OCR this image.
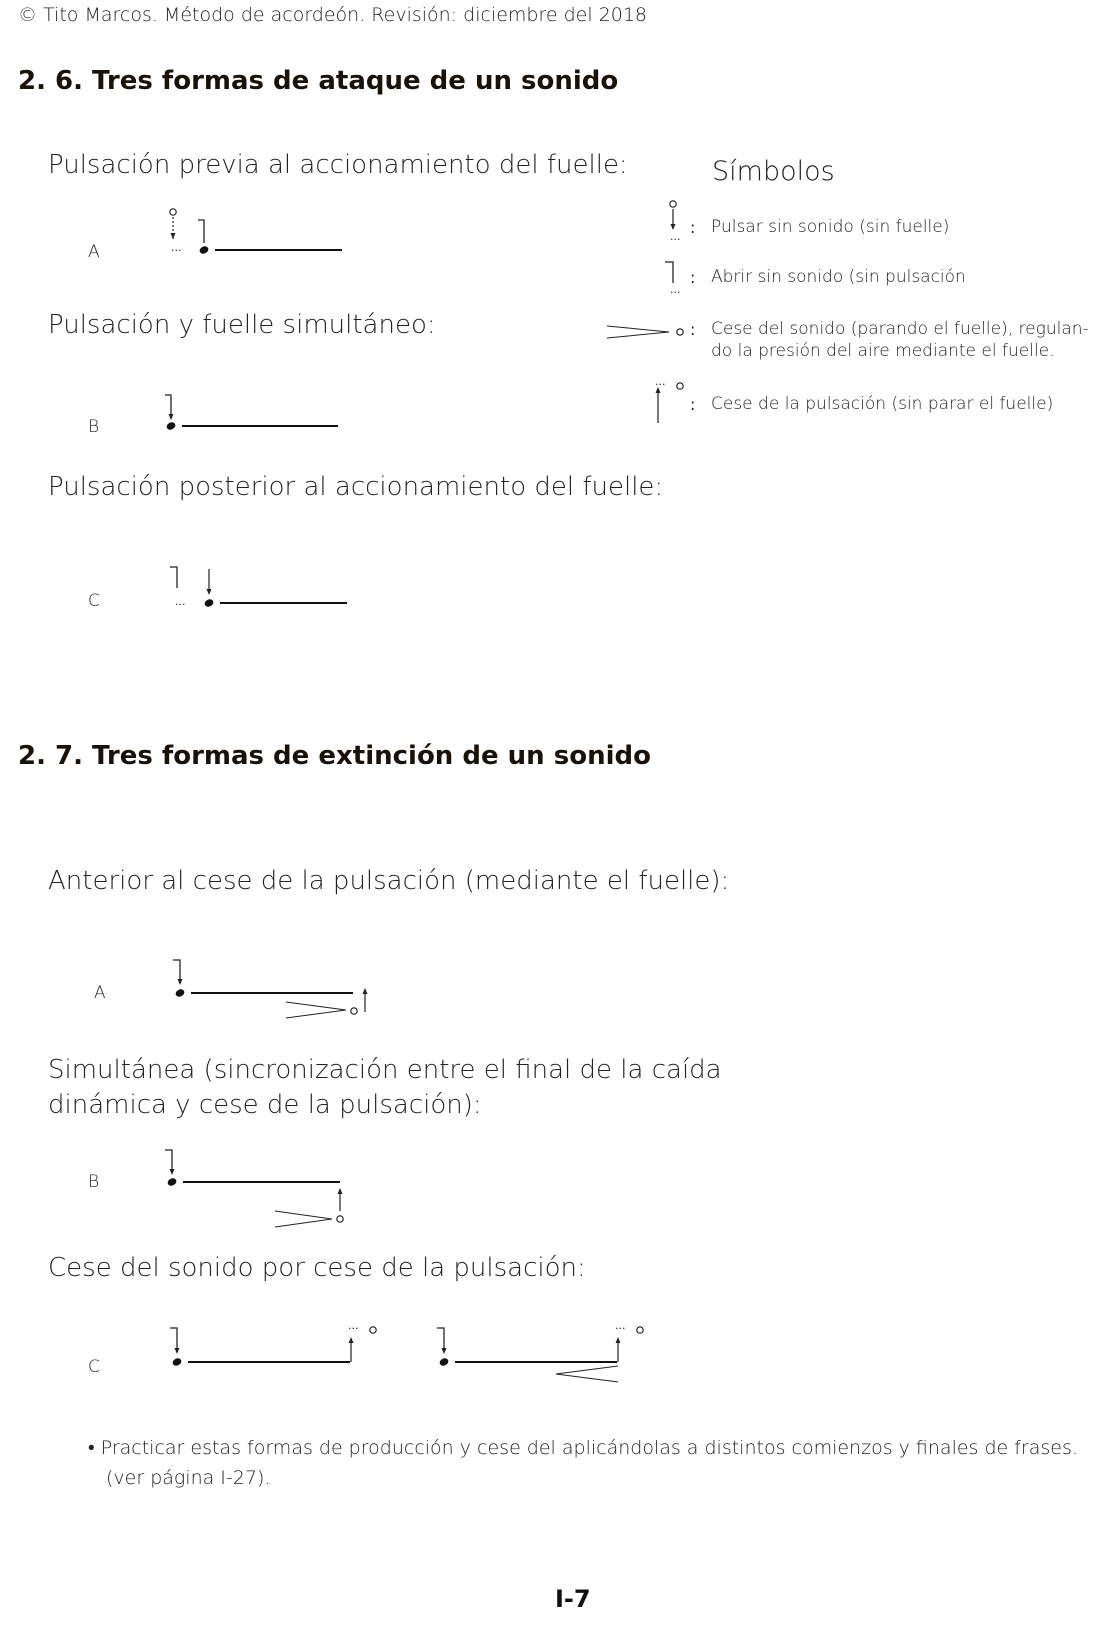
© Tito Marcos. Método de acordeón. Revisión: diciembre del 2018
2. 6. Tres formas de ataque de un sonido
Pulsación previa al accionamiento del fuelle:
A	···
Pulsación y fuelle simultáneo:
B
Pulsación posterior al accionamiento del fuelle:
C	···
Símbolos
···
: Pulsar sin sonido (sin fuelle)
···
: Abrir sin sonido (sin pulsación
: Cese del sonido (parando el fuelle), regulan-
do la presión del aire mediante el fuelle.
···
: Cese de la pulsación (sin parar el fuelle)
2. 7. Tres formas de extinción de un sonido
Anterior al cese de la pulsación (mediante el fuelle):
A
Simultánea (sincronización entre el final de la caída
dinámica y cese de la pulsación):
B
Cese del sonido por cese de la pulsación:
C
···	···
• Practicar estas formas de producción y cese del aplicándolas a distintos comienzos y finales de frases.
(ver página I-27).
I-7
